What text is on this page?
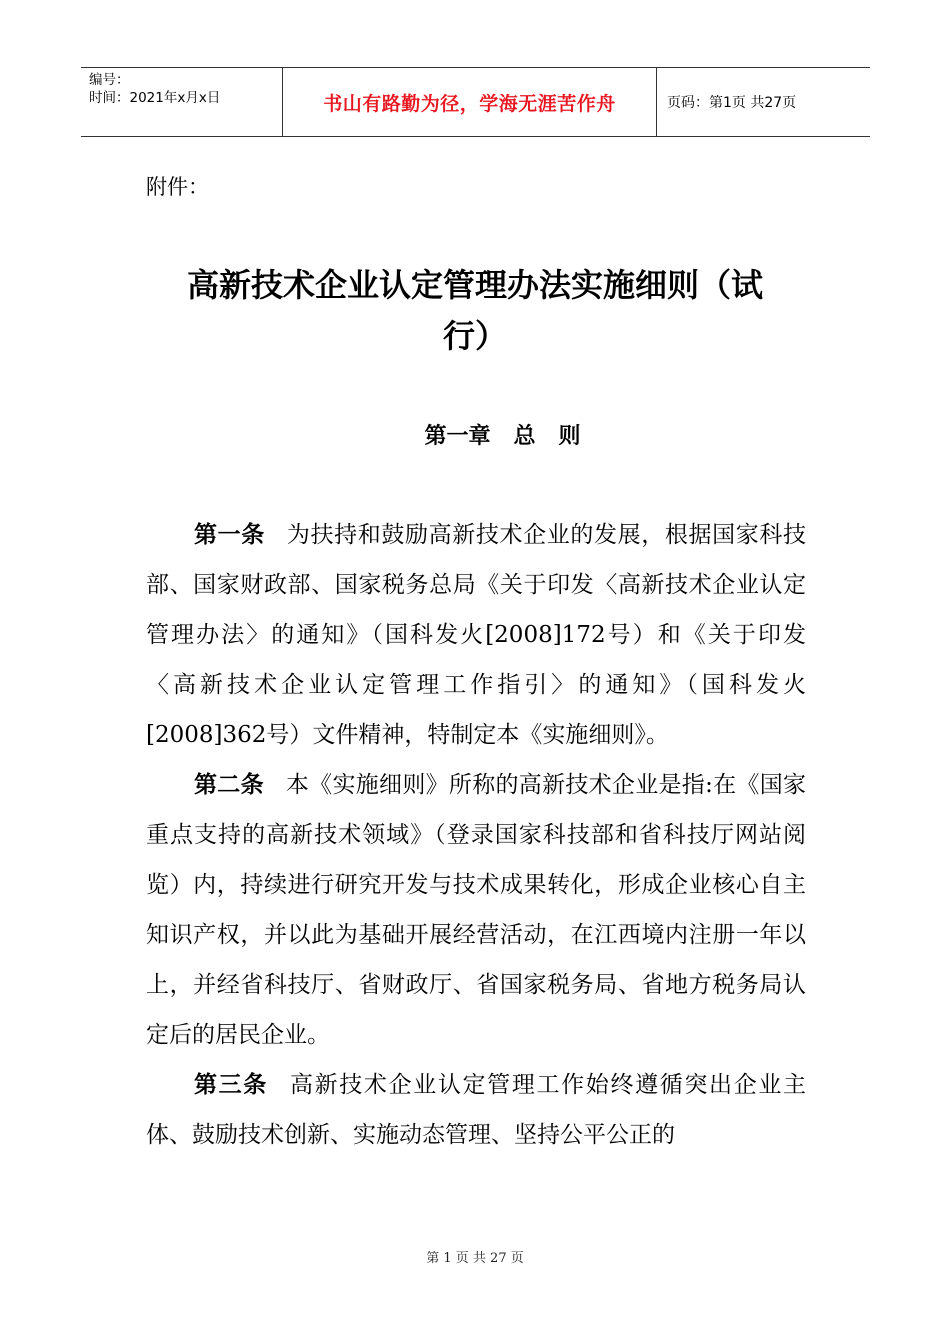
编号：
时间：2021年x月x日	书山有路勤为径，学海无涯苦作舟	页码：第1页 共27页
附件：
高新技术企业认定管理办法实施细则（试
行）
第一章   总   则

第一条 为扶持和鼓励高新技术企业的发展，根据国家科技部、国家财政部、国家税务总局《关于印发〈高新技术企业认定管理办法〉的通知》（国科发火[2008]172号）和《关于印发〈高新技术企业认定管理工作指引〉的通知》（国科发火 [2008]362号）文件精神，特制定本《实施细则》。

第二条 本《实施细则》所称的高新技术企业是指:在《国家重点支持的高新技术领域》（登录国家科技部和省科技厅网站阅览）内，持续进行研究开发与技术成果转化，形成企业核心自主知识产权，并以此为基础开展经营活动，在江西境内注册一年以上，并经省科技厅、省财政厅、省国家税务局、省地方税务局认定后的居民企业。

第三条 高新技术企业认定管理工作始终遵循突出企业主体、鼓励技术创新、实施动态管理、坚持公平公正的

第 1 页 共 27 页
